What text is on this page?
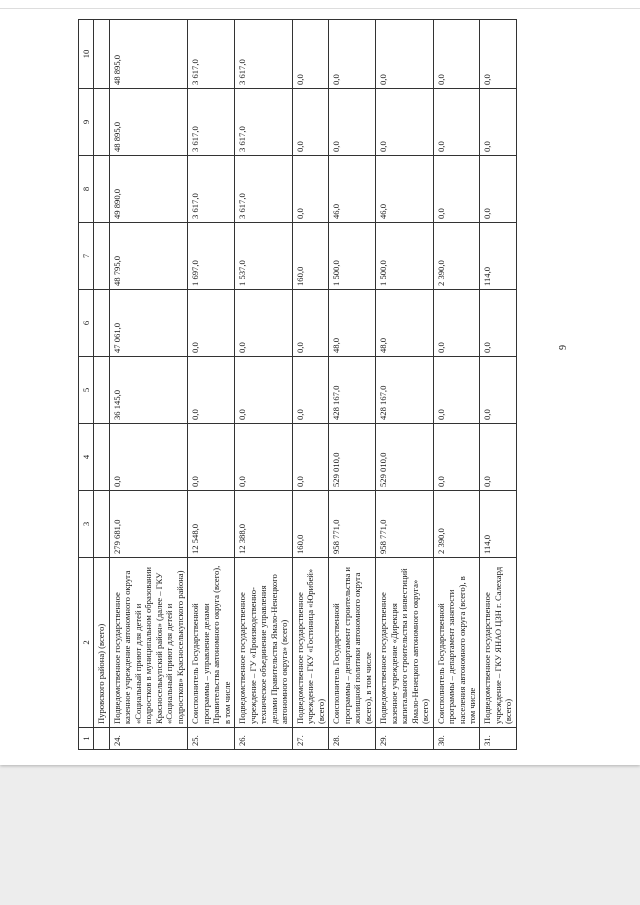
9
1	2	3	4	5	6	7	8	9	10
	Пуровского района) (всего)								
24.	Подведомственное государственное казенное учреждение автономного округа «Социальный приют для детей и подростков в муниципальном образовании Красноселькупский район» (далее – ГКУ «Социальный приют для детей и подростков» Красноселькупского района)	279 681,0	0,0	36 145,0	47 061,0	48 795,0	49 890,0	48 895,0	48 895,0
25.	Соисполнитель Государственной программы – управление делами Правительства автономного округа (всего), в том числе	12 548,0	0,0	0,0	0,0	1 697,0	3 617,0	3 617,0	3 617,0
26.	Подведомственное государственное учреждение – ГУ «Производственно-техническое объединение управления делами Правительства Ямало-Ненецкого автономного округа» (всего)	12 388,0	0,0	0,0	0,0	1 537,0	3 617,0	3 617,0	3 617,0
27.	Подведомственное государственное учреждение – ГКУ «Гостиница «Юрибей» (всего)	160,0	0,0	0,0	0,0	160,0	0,0	0,0	0,0
28.	Соисполнитель Государственной программы – департамент строительства и жилищной политики автономного округа (всего), в том числе	958 771,0	529 010,0	428 167,0	48,0	1 500,0	46,0	0,0	0,0
29.	Подведомственное государственное казенное учреждение «Дирекция капитального строительства и инвестиций Ямало-Ненецкого автономного округа» (всего)	958 771,0	529 010,0	428 167,0	48,0	1 500,0	46,0	0,0	0,0
30.	Соисполнитель Государственной программы – департамент занятости населения автономного округа (всего), в том числе	2 390,0	0,0	0,0	0,0	2 390,0	0,0	0,0	0,0
31.	Подведомственное государственное учреждение – ГКУ ЯНАО ЦЗН г. Салехард (всего)	114,0	0,0	0,0	0,0	114,0	0,0	0,0	0,0
